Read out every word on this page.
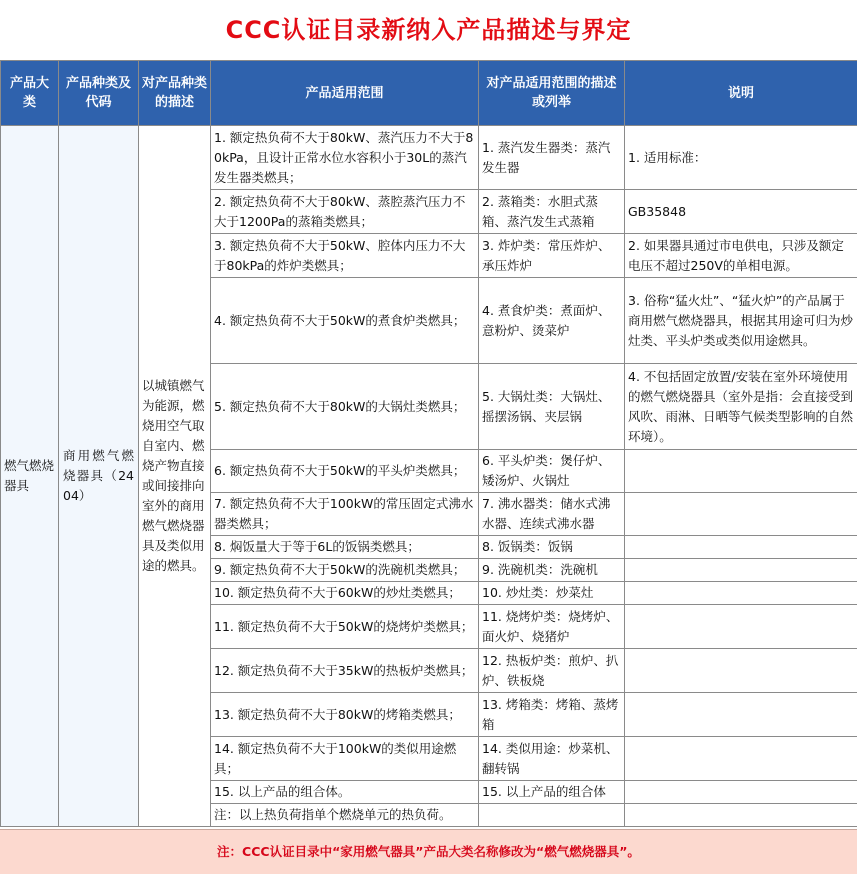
CCC认证目录新纳入产品描述与界定
产品大类	产品种类及代码	对产品种类的描述	产品适用范围	对产品适用范围的描述或列举	说明
燃气燃烧器具	商用燃气燃烧器具（2404）	以城镇燃气为能源，燃烧用空气取自室内、燃烧产物直接或间接排向室外的商用燃气燃烧器具及类似用途的燃具。	1. 额定热负荷不大于80kW、蒸汽压力不大于80kPa，且设计正常水位水容积小于30L的蒸汽发生器类燃具；	1. 蒸汽发生器类：蒸汽发生器	1. 适用标准：
			2. 额定热负荷不大于80kW、蒸腔蒸汽压力不大于1200Pa的蒸箱类燃具；	2. 蒸箱类：水胆式蒸箱、蒸汽发生式蒸箱	GB35848
			3. 额定热负荷不大于50kW、腔体内压力不大于80kPa的炸炉类燃具；	3. 炸炉类：常压炸炉、承压炸炉	2. 如果器具通过市电供电，只涉及额定电压不超过250V的单相电源。
			4. 额定热负荷不大于50kW的煮食炉类燃具；	4. 煮食炉类：煮面炉、意粉炉、烫菜炉	3. 俗称“猛火灶”、“猛火炉”的产品属于商用燃气燃烧器具，根据其用途可归为炒灶类、平头炉类或类似用途燃具。
			5. 额定热负荷不大于80kW的大锅灶类燃具；	5. 大锅灶类：大锅灶、摇摆汤锅、夹层锅	4. 不包括固定放置/安装在室外环境使用的燃气燃烧器具（室外是指：会直接受到风吹、雨淋、日晒等气候类型影响的自然环境）。
			6. 额定热负荷不大于50kW的平头炉类燃具；	6. 平头炉类：煲仔炉、矮汤炉、火锅灶	
			7. 额定热负荷不大于100kW的常压固定式沸水器类燃具；	7. 沸水器类：储水式沸水器、连续式沸水器	
			8. 焖饭量大于等于6L的饭锅类燃具；	8. 饭锅类：饭锅	
			9. 额定热负荷不大于50kW的洗碗机类燃具；	9. 洗碗机类：洗碗机	
			10. 额定热负荷不大于60kW的炒灶类燃具；	10. 炒灶类：炒菜灶	
			11. 额定热负荷不大于50kW的烧烤炉类燃具；	11. 烧烤炉类：烧烤炉、面火炉、烧猪炉	
			12. 额定热负荷不大于35kW的热板炉类燃具；	12. 热板炉类：煎炉、扒炉、铁板烧	
			13. 额定热负荷不大于80kW的烤箱类燃具；	13. 烤箱类：烤箱、蒸烤箱	
			14. 额定热负荷不大于100kW的类似用途燃具；	14. 类似用途：炒菜机、翻转锅	
			15. 以上产品的组合体。	15. 以上产品的组合体	
			注：以上热负荷指单个燃烧单元的热负荷。		
注：CCC认证目录中“家用燃气器具”产品大类名称修改为“燃气燃烧器具”。
